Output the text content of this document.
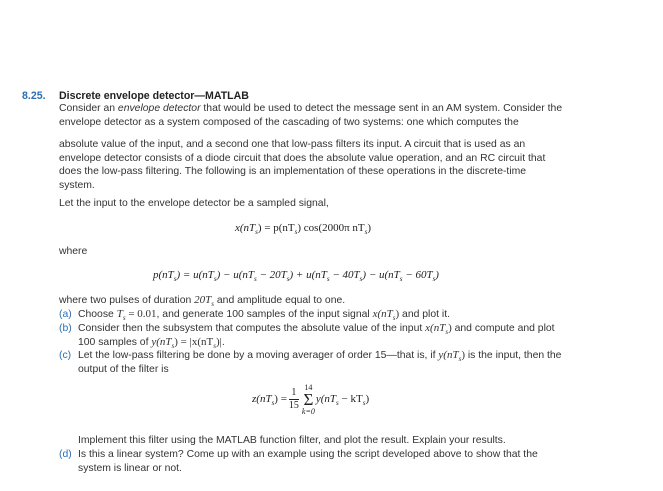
8.25. Discrete envelope detector—MATLAB

Consider an envelope detector that would be used to detect the message sent in an AM system. Consider the envelope detector as a system composed of the cascading of two systems: one which computes the

absolute value of the input, and a second one that low-pass filters its input. A circuit that is used as an envelope detector consists of a diode circuit that does the absolute value operation, and an RC circuit that does the low-pass filtering. The following is an implementation of these operations in the discrete-time system.

Let the input to the envelope detector be a sampled signal,

$x(nT_s) = p(nT_s)$ cos(2000π $nT_s$)

where

$p(nT_s) = u(nT_s) - u(nT_s - 20T_s) + u(nT_s - 40T_s) - u(nT_s - 60T_s)$

where two pulses of duration $20T_s$ and amplitude equal to one.

(a) Choose $T_s = 0.01$, and generate 100 samples of the input signal $x(nT_s)$ and plot it.

(b) Consider then the subsystem that computes the absolute value of the input $x(nT_s)$ and compute and plot 100 samples of $y(nT_s) = |x(nT_s)|$.

(c) Let the low-pass filtering be done by a moving averager of order 15—that is, if $y(nT_s)$ is the input, then the output of the filter is

$z(nT_s) = \frac{1}{15} 14$
Σ
k=0
$y(nT_s - kT_s)$

Implement this filter using the MATLAB function filter, and plot the result. Explain your results.

(d) Is this a linear system? Come up with an example using the script developed above to show that the system is linear or not.
